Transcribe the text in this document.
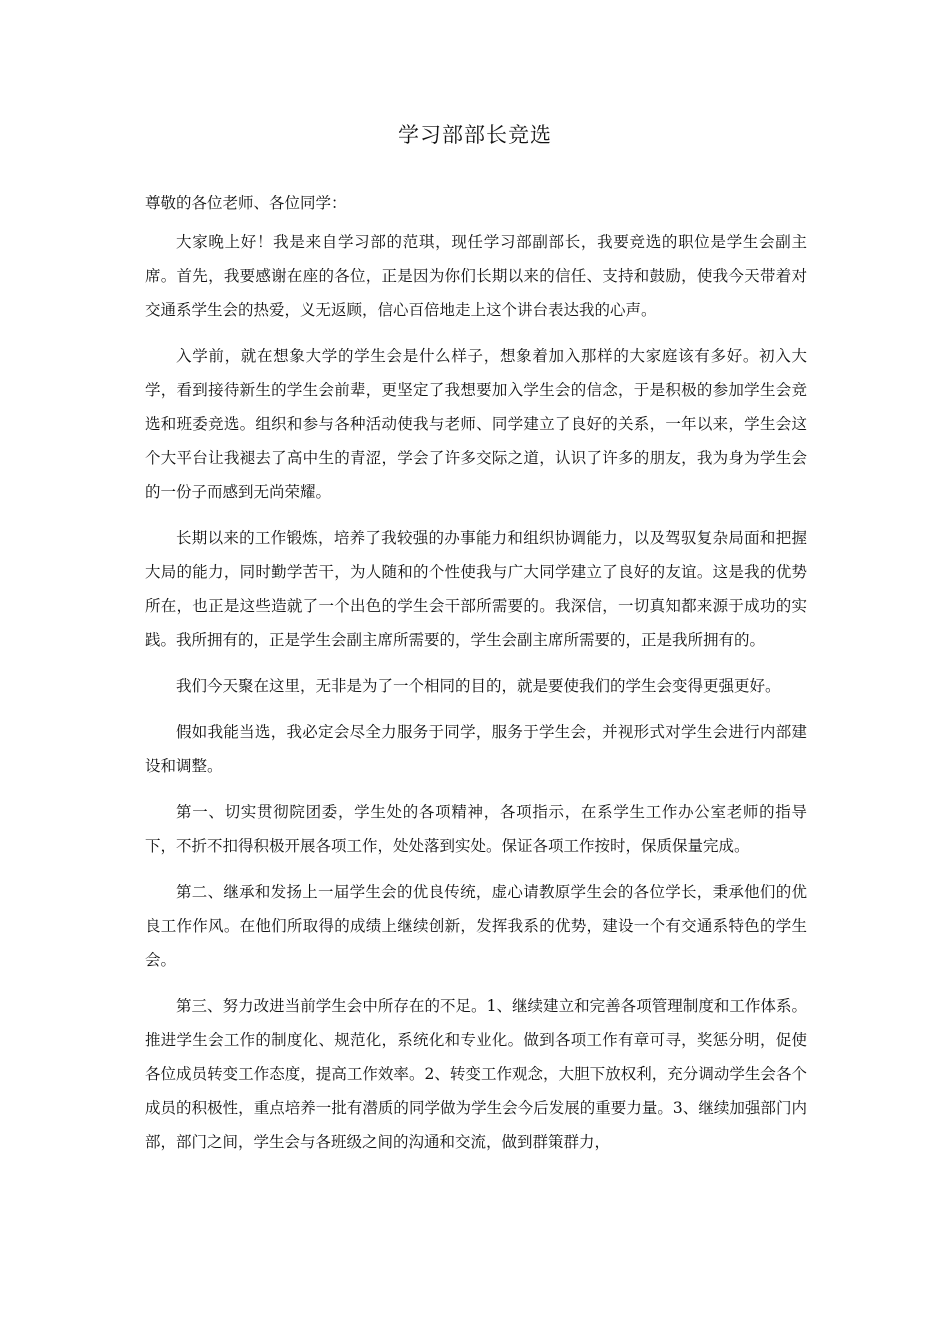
学习部部长竞选
尊敬的各位老师、各位同学：

大家晚上好！我是来自学习部的范琪，现任学习部副部长，我要竞选的职位是学生会副主席。首先，我要感谢在座的各位，正是因为你们长期以来的信任、支持和鼓励，使我今天带着对交通系学生会的热爱，义无返顾，信心百倍地走上这个讲台表达我的心声。

入学前，就在想象大学的学生会是什么样子，想象着加入那样的大家庭该有多好。初入大学，看到接待新生的学生会前辈，更坚定了我想要加入学生会的信念，于是积极的参加学生会竞选和班委竞选。组织和参与各种活动使我与老师、同学建立了良好的关系，一年以来，学生会这个大平台让我褪去了高中生的青涩，学会了许多交际之道，认识了许多的朋友，我为身为学生会的一份子而感到无尚荣耀。

长期以来的工作锻炼，培养了我较强的办事能力和组织协调能力，以及驾驭复杂局面和把握大局的能力，同时勤学苦干，为人随和的个性使我与广大同学建立了良好的友谊。这是我的优势所在，也正是这些造就了一个出色的学生会干部所需要的。我深信，一切真知都来源于成功的实践。我所拥有的，正是学生会副主席所需要的，学生会副主席所需要的，正是我所拥有的。

我们今天聚在这里，无非是为了一个相同的目的，就是要使我们的学生会变得更强更好。

假如我能当选，我必定会尽全力服务于同学，服务于学生会，并视形式对学生会进行内部建设和调整。

第一、切实贯彻院团委，学生处的各项精神，各项指示，在系学生工作办公室老师的指导下，不折不扣得积极开展各项工作，处处落到实处。保证各项工作按时，保质保量完成。

第二、继承和发扬上一届学生会的优良传统，虚心请教原学生会的各位学长，秉承他们的优良工作作风。在他们所取得的成绩上继续创新，发挥我系的优势，建设一个有交通系特色的学生会。

第三、努力改进当前学生会中所存在的不足。1、继续建立和完善各项管理制度和工作体系。推进学生会工作的制度化、规范化，系统化和专业化。做到各项工作有章可寻，奖惩分明，促使各位成员转变工作态度，提高工作效率。2、转变工作观念，大胆下放权利，充分调动学生会各个成员的积极性，重点培养一批有潜质的同学做为学生会今后发展的重要力量。3、继续加强部门内部，部门之间，学生会与各班级之间的沟通和交流，做到群策群力，
